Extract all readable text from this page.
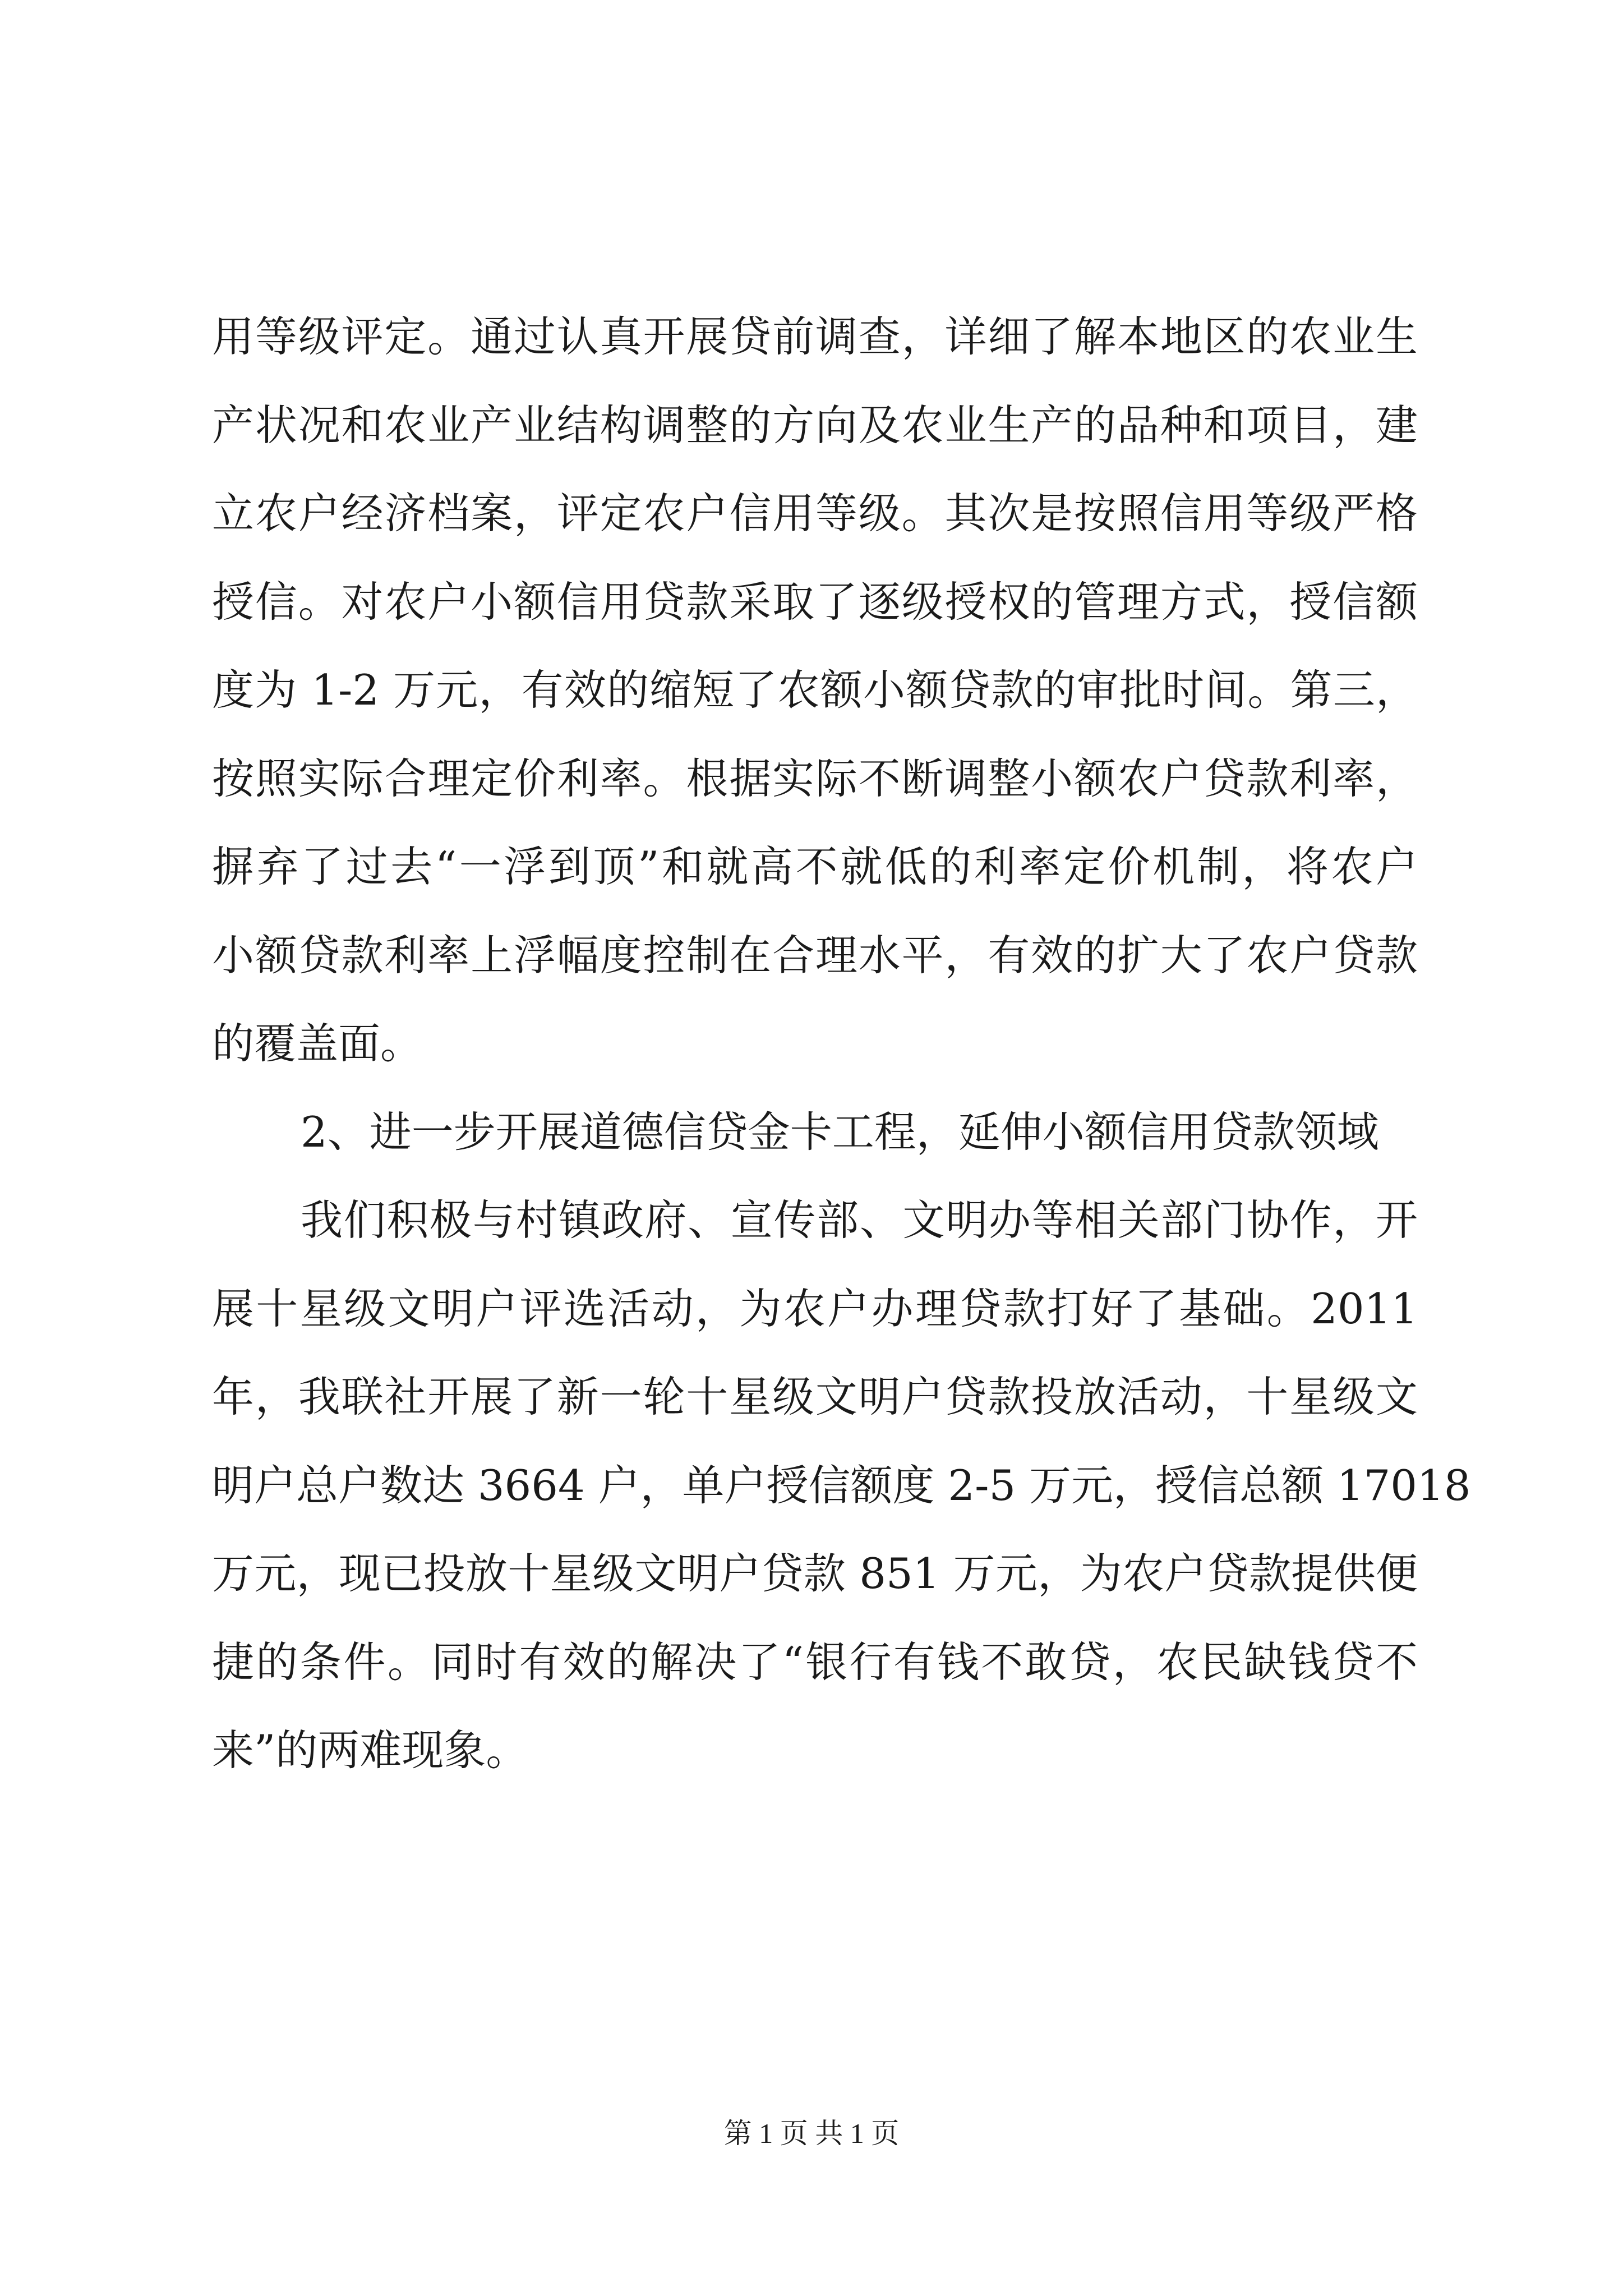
用等级评定。通过认真开展贷前调查，详细了解本地区的农业生
产状况和农业产业结构调整的方向及农业生产的品种和项目，建
立农户经济档案，评定农户信用等级。其次是按照信用等级严格
授信。对农户小额信用贷款采取了逐级授权的管理方式，授信额
度为 1-2 万元，有效的缩短了农额小额贷款的审批时间。第三，
按照实际合理定价利率。根据实际不断调整小额农户贷款利率，
摒弃了过去“一浮到顶”和就高不就低的利率定价机制，将农户
小额贷款利率上浮幅度控制在合理水平，有效的扩大了农户贷款
的覆盖面。
2、进一步开展道德信贷金卡工程，延伸小额信用贷款领域
我们积极与村镇政府、宣传部、文明办等相关部门协作，开
展十星级文明户评选活动，为农户办理贷款打好了基础。2011
年，我联社开展了新一轮十星级文明户贷款投放活动，十星级文
明户总户数达 3664 户，单户授信额度 2-5 万元，授信总额 17018
万元，现已投放十星级文明户贷款 851 万元，为农户贷款提供便
捷的条件。同时有效的解决了“银行有钱不敢贷，农民缺钱贷不
来”的两难现象。
第 1 页 共 1 页
